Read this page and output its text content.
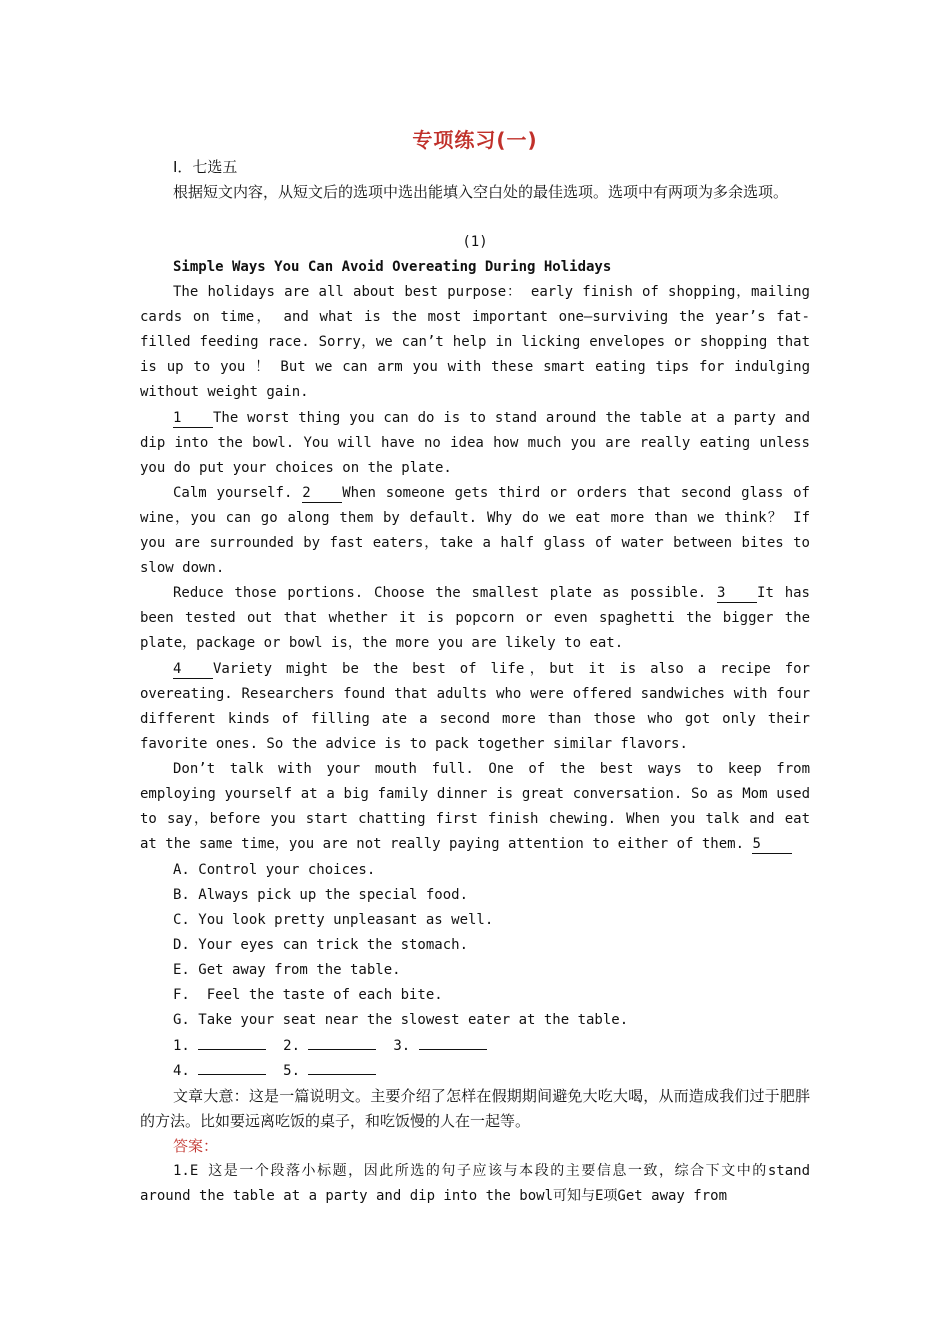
专项练习(一)
Ⅰ．七选五
根据短文内容，从短文后的选项中选出能填入空白处的最佳选项。选项中有两项为多余选项。
(1)
Simple Ways You Can Avoid Overeating During Holidays
The holidays are all about best purpose： early finish of shopping，mailing cards on time， and what is the most important one—surviving the year’s fat-filled feeding race. Sorry，we can’t help in licking envelopes or shopping that is up to you ！ But we can arm you with these smart eating tips for indulging without weight gain.
1 The worst thing you can do is to stand around the table at a party and dip into the bowl. You will have no idea how much you are really eating unless you do put your choices on the plate.
Calm yourself. 2 When someone gets third or orders that second glass of wine，you can go along them by default. Why do we eat more than we think？ If you are surrounded by fast eaters，take a half glass of water between bites to slow down.
Reduce those portions. Choose the smallest plate as possible. 3 It has been tested out that whether it is popcorn or even spaghetti the bigger the plate，package or bowl is，the more you are likely to eat.
4 Variety might be the best of life，but it is also a recipe for overeating. Researchers found that adults who were offered sandwiches with four different kinds of filling ate a second more than those who got only their favorite ones. So the advice is to pack together similar flavors.
Don’t talk with your mouth full. One of the best ways to keep from employing yourself at a big family dinner is great conversation. So as Mom used to say，before you start chatting first finish chewing. When you talk and eat at the same time，you are not really paying attention to either of them. 5
A. Control your choices.
B. Always pick up the special food.
C. You look pretty unpleasant as well.
D. Your eyes can trick the stomach.
E. Get away from the table.
F.  Feel the taste of each bite.
G. Take your seat near the slowest eater at the table.
1.	2.	3.
4.	5.
文章大意：这是一篇说明文。主要介绍了怎样在假期期间避免大吃大喝，从而造成我们过于肥胖的方法。比如要远离吃饭的桌子，和吃饭慢的人在一起等。
答案：
1.E 这是一个段落小标题，因此所选的句子应该与本段的主要信息一致，综合下文中的stand around the table at a party and dip into the bowl可知与E项Get away from
